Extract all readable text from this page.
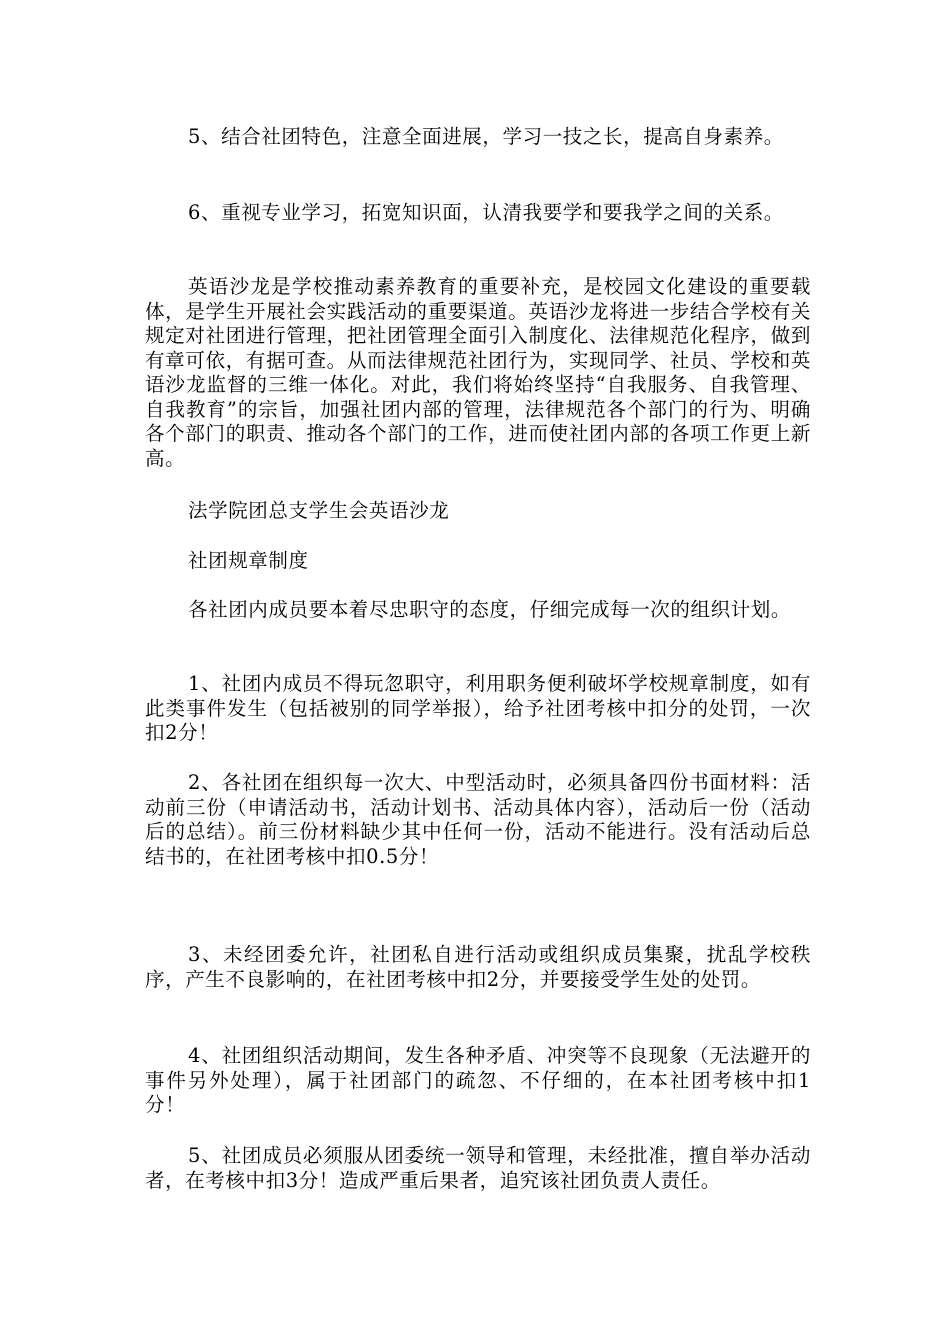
5、结合社团特色，注意全面进展，学习一技之长，提高自身素养。

6、重视专业学习，拓宽知识面，认清我要学和要我学之间的关系。

英语沙龙是学校推动素养教育的重要补充，是校园文化建设的重要载体，是学生开展社会实践活动的重要渠道。英语沙龙将进一步结合学校有关规定对社团进行管理，把社团管理全面引入制度化、法律规范化程序，做到有章可依，有据可查。从而法律规范社团行为，实现同学、社员、学校和英语沙龙监督的三维一体化。对此，我们将始终坚持“自我服务、自我管理、自我教育”的宗旨，加强社团内部的管理，法律规范各个部门的行为、明确各个部门的职责、推动各个部门的工作，进而使社团内部的各项工作更上新高。

法学院团总支学生会英语沙龙

社团规章制度

各社团内成员要本着尽忠职守的态度，仔细完成每一次的组织计划。

1、社团内成员不得玩忽职守，利用职务便利破坏学校规章制度，如有此类事件发生（包括被别的同学举报），给予社团考核中扣分的处罚，一次扣2分！

2、各社团在组织每一次大、中型活动时，必须具备四份书面材料：活动前三份（申请活动书，活动计划书、活动具体内容），活动后一份（活动后的总结）。前三份材料缺少其中任何一份，活动不能进行。没有活动后总结书的，在社团考核中扣0.5分！

3、未经团委允许，社团私自进行活动或组织成员集聚，扰乱学校秩序，产生不良影响的，在社团考核中扣2分，并要接受学生处的处罚。

4、社团组织活动期间，发生各种矛盾、冲突等不良现象（无法避开的事件另外处理），属于社团部门的疏忽、不仔细的，在本社团考核中扣1分！

5、社团成员必须服从团委统一领导和管理，未经批准，擅自举办活动者，在考核中扣3分！造成严重后果者，追究该社团负责人责任。
